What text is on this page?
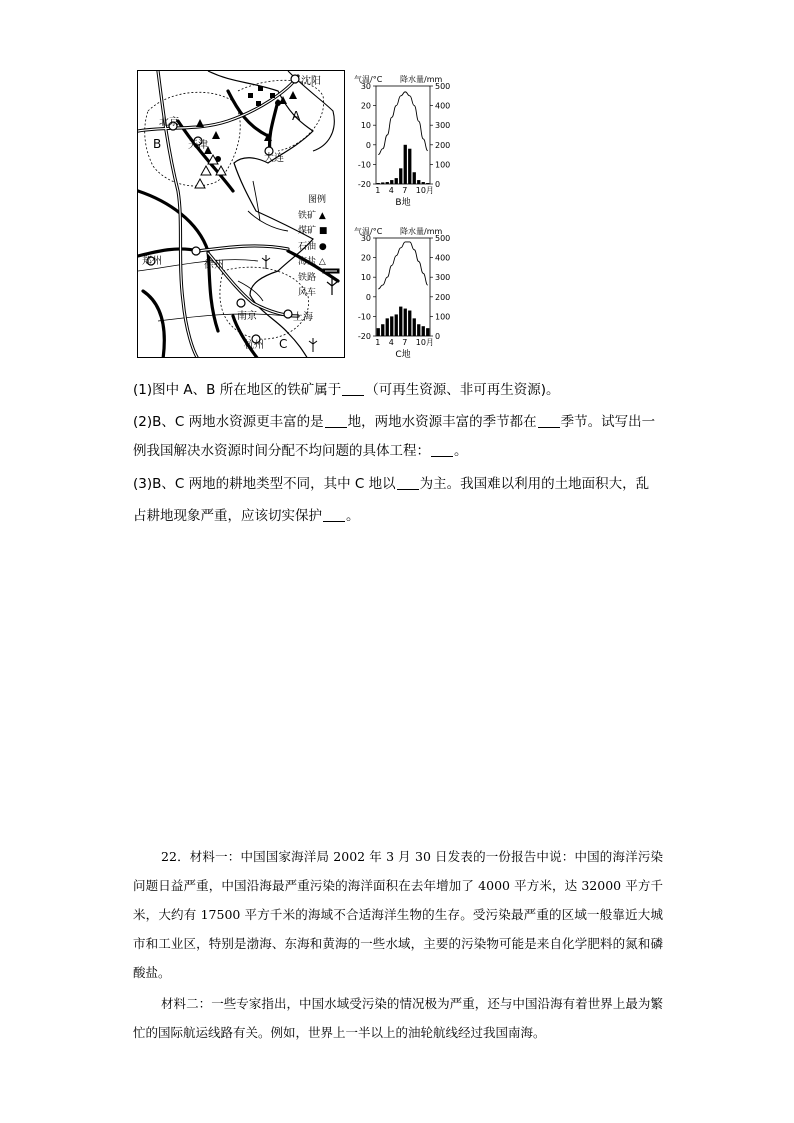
沈阳
北京
天津
大连
郑州	徐州
南京	上海
杭州
A
B
C
图例
铁矿 ▲
煤矿 ■
石油 ●
海盐 △
铁路
风车
气温/°C 降水量/mm
30	500
20	400
10	300
0	200
-10	100
-20	0
1 4 7 10月
B地
气温/°C 降水量/mm
30	500
20	400
10	300
0	200
-10	100
-20	0
1 4 7 10月
C地
(1)图中 A、B 所在地区的铁矿属于 （可再生资源、非可再生资源)。
(2)B、C 两地水资源更丰富的是 地，两地水资源丰富的季节都在 季节。试写出一
例我国解决水资源时间分配不均问题的具体工程： 。
(3)B、C 两地的耕地类型不同，其中 C 地以 为主。我国难以利用的土地面积大，乱
占耕地现象严重，应该切实保护 。

22．材料一：中国国家海洋局 2002 年 3 月 30 日发表的一份报告中说：中国的海洋污染问题日益严重，中国沿海最严重污染的海洋面积在去年增加了 4000 平方米，达 32000 平方千米，大约有 17500 平方千米的海域不合适海洋生物的生存。受污染最严重的区域一般靠近大城市和工业区，特别是渤海、东海和黄海的一些水域，主要的污染物可能是来自化学肥料的氮和磷酸盐。

材料二：一些专家指出，中国水域受污染的情况极为严重，还与中国沿海有着世界上最为繁忙的国际航运线路有关。例如，世界上一半以上的油轮航线经过我国南海。
